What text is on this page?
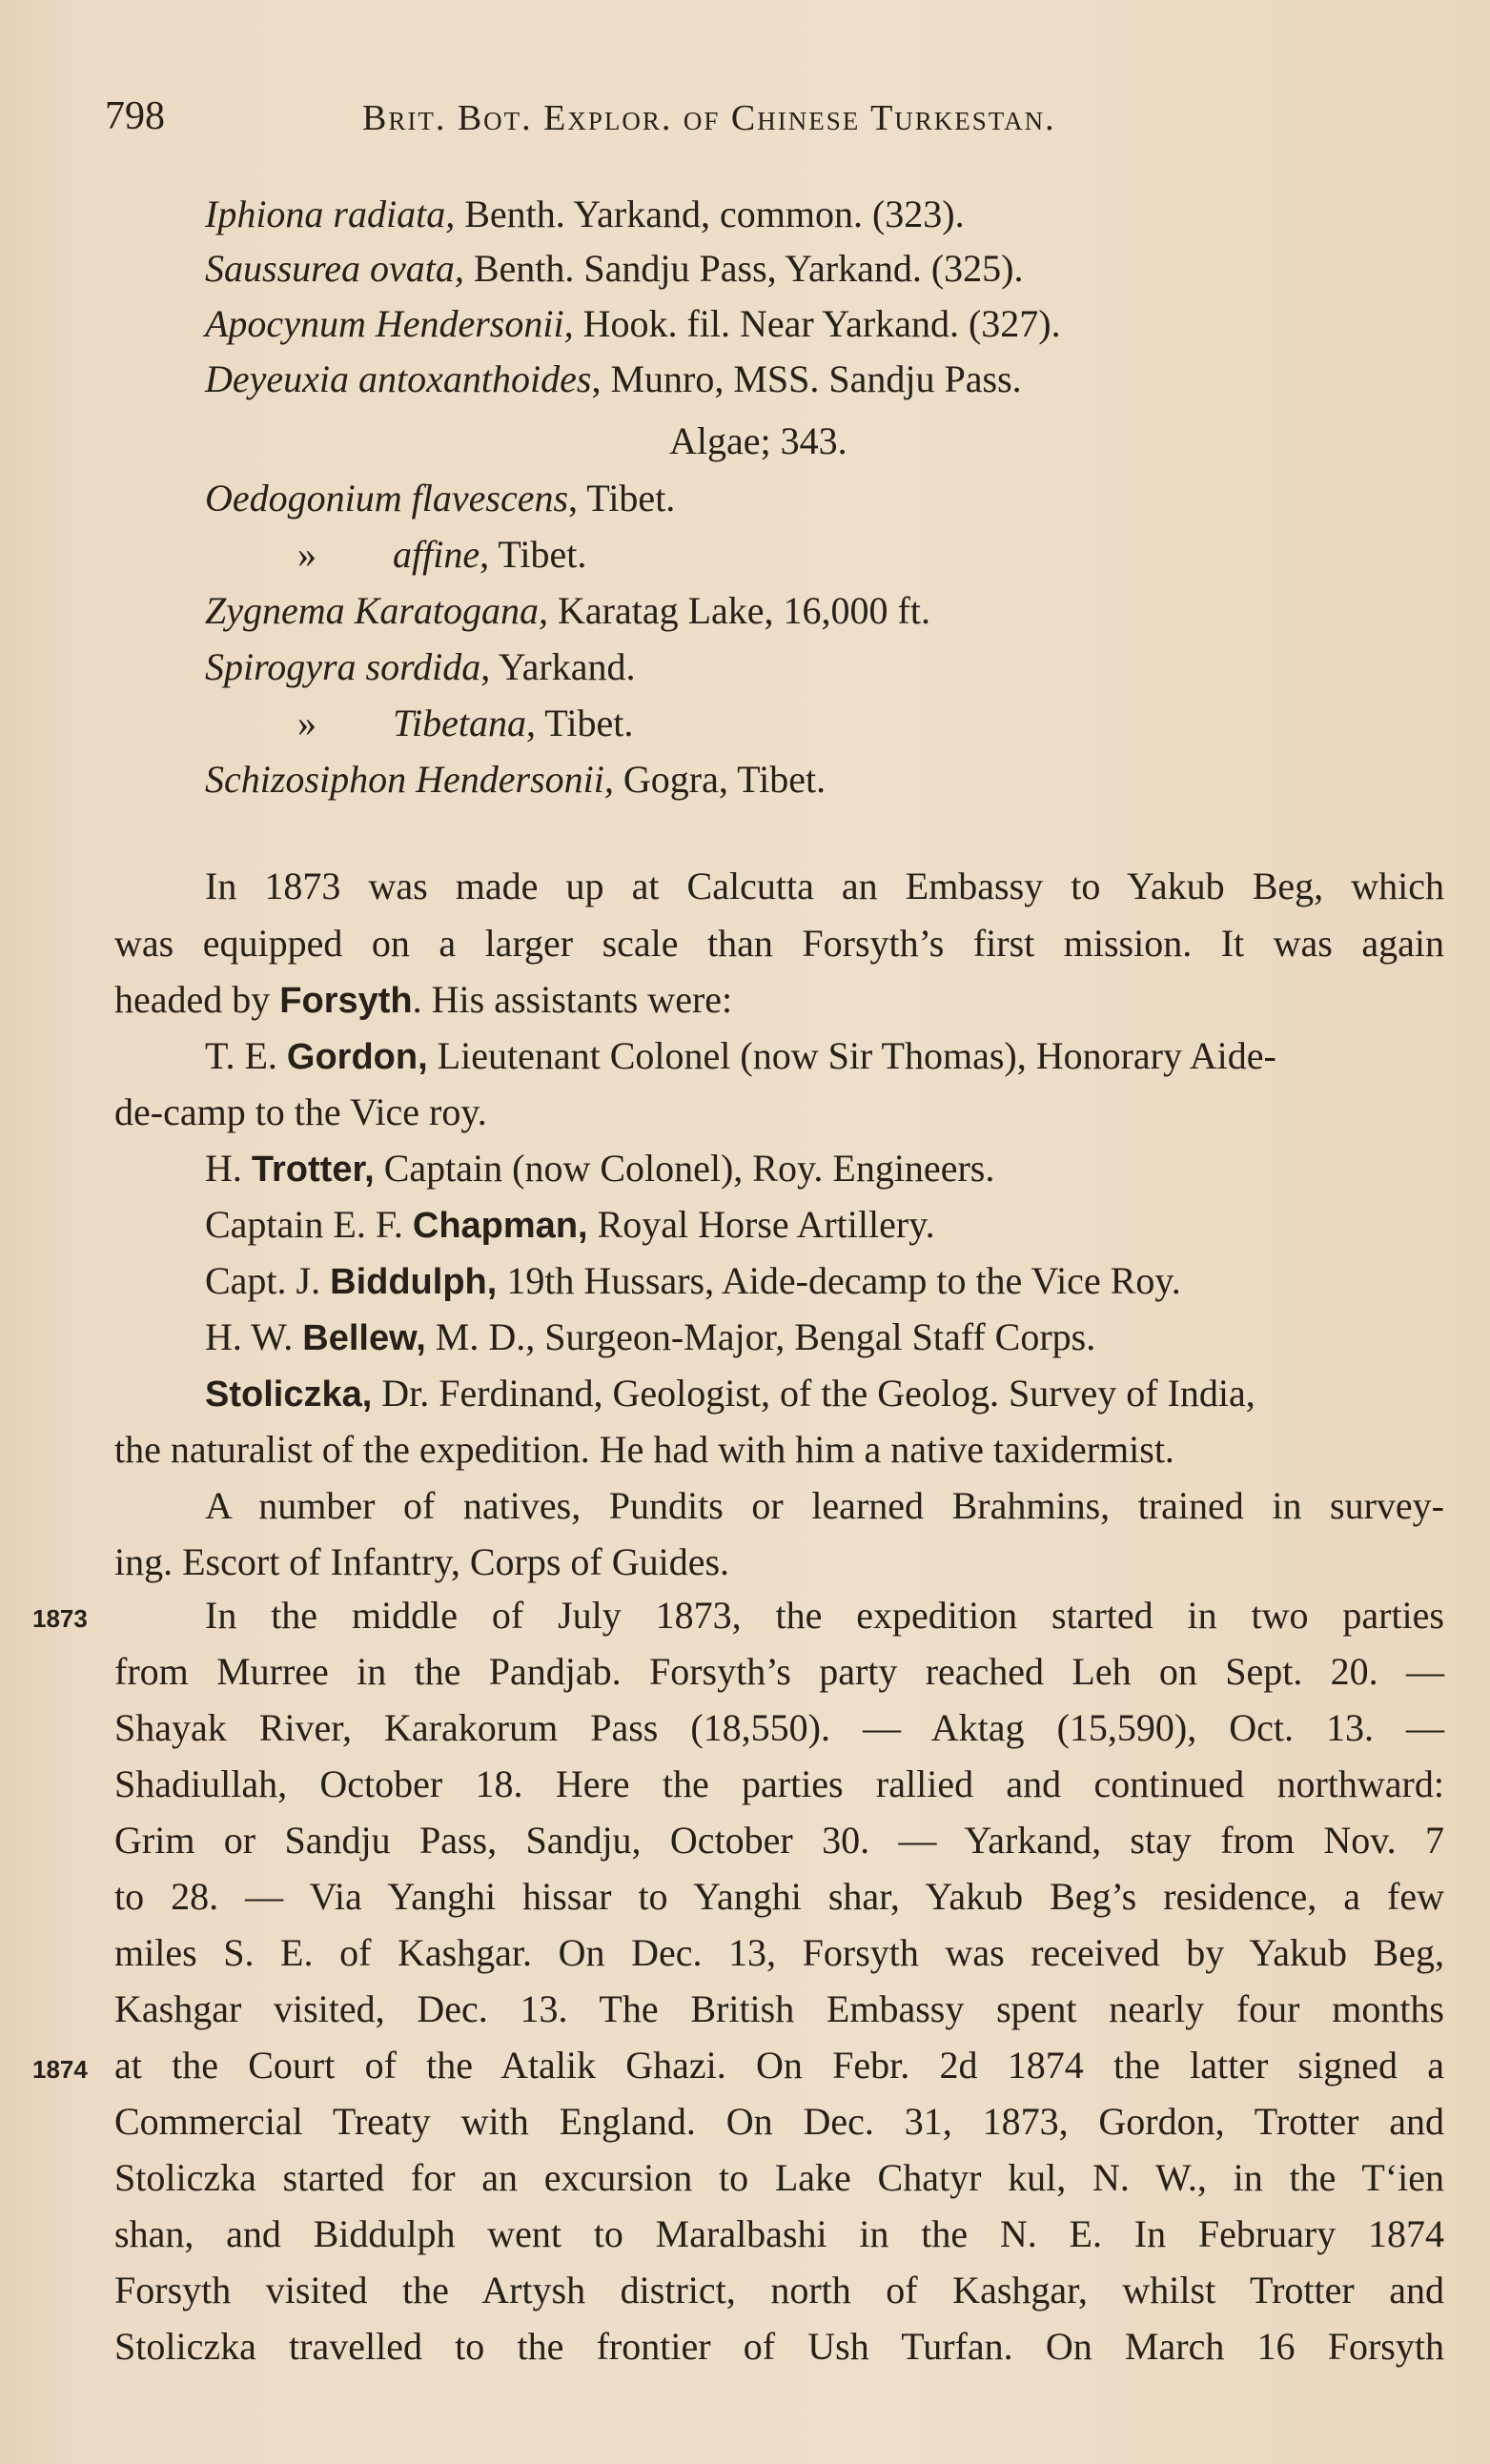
798	Brit. Bot. Explor. of Chinese Turkestan.
Iphiona radiata, Benth. Yarkand, common. (323).
Saussurea ovata, Benth. Sandju Pass, Yarkand. (325).
Apocynum Hendersonii, Hook. fil. Near Yarkand. (327).
Deyeuxia antoxanthoides, Munro, MSS. Sandju Pass.
Algae; 343.
Oedogonium flavescens, Tibet.
» affine, Tibet.
Zygnema Karatogana, Karatag Lake, 16,000 ft.
Spirogyra sordida, Yarkand.
» Tibetana, Tibet.
Schizosiphon Hendersonii, Gogra, Tibet.
In 1873 was made up at Calcutta an Embassy to Yakub Beg, which
was equipped on a larger scale than Forsyth’s first mission. It was again
headed by Forsyth. His assistants were:
T. E. Gordon, Lieutenant Colonel (now Sir Thomas), Honorary Aide-
de-camp to the Vice roy.
H. Trotter, Captain (now Colonel), Roy. Engineers.
Captain E. F. Chapman, Royal Horse Artillery.
Capt. J. Biddulph, 19th Hussars, Aide-decamp to the Vice Roy.
H. W. Bellew, M. D., Surgeon-Major, Bengal Staff Corps.
Stoliczka, Dr. Ferdinand, Geologist, of the Geolog. Survey of India,
the naturalist of the expedition. He had with him a native taxidermist.
A number of natives, Pundits or learned Brahmins, trained in survey-
ing. Escort of Infantry, Corps of Guides.
1873
1874
In the middle of July 1873, the expedition started in two parties
from Murree in the Pandjab. Forsyth’s party reached Leh on Sept. 20. —
Shayak River, Karakorum Pass (18,550). — Aktag (15,590), Oct. 13. —
Shadiullah, October 18. Here the parties rallied and continued northward:
Grim or Sandju Pass, Sandju, October 30. — Yarkand, stay from Nov. 7
to 28. — Via Yanghi hissar to Yanghi shar, Yakub Beg’s residence, a few
miles S. E. of Kashgar. On Dec. 13, Forsyth was received by Yakub Beg,
Kashgar visited, Dec. 13. The British Embassy spent nearly four months
at the Court of the Atalik Ghazi. On Febr. 2d 1874 the latter signed a
Commercial Treaty with England. On Dec. 31, 1873, Gordon, Trotter and
Stoliczka started for an excursion to Lake Chatyr kul, N. W., in the T‘ien
shan, and Biddulph went to Maralbashi in the N. E. In February 1874
Forsyth visited the Artysh district, north of Kashgar, whilst Trotter and
Stoliczka travelled to the frontier of Ush Turfan. On March 16 Forsyth
